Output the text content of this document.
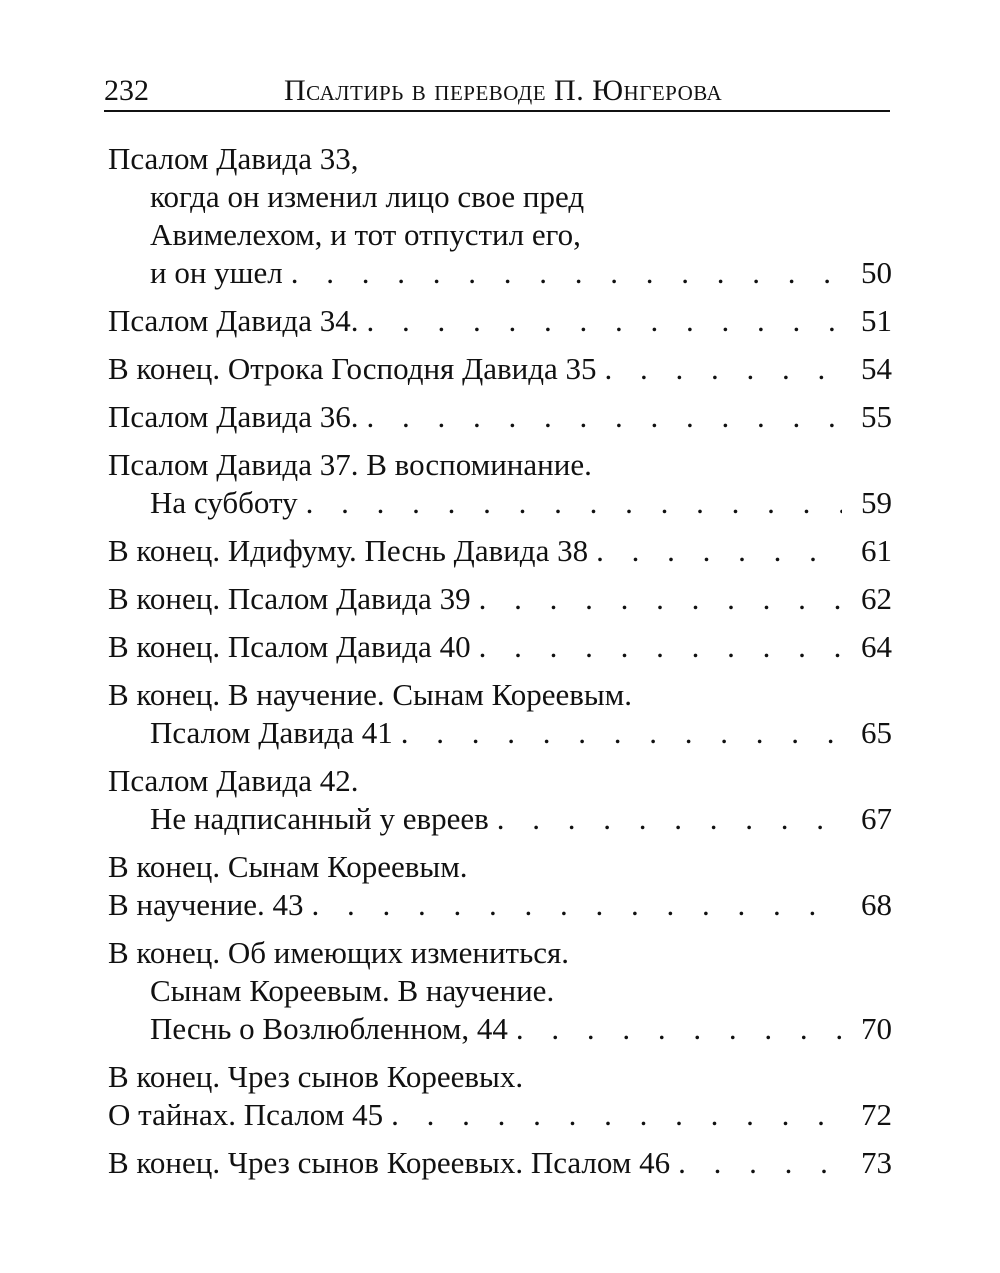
232	Псалтирь в переводе П. Юнгерова
Псалом Давида 33,
когда он изменил лицо свое пред
Авимелехом, и тот отпустил его,
и он ушел . . .	50
Псалом Давида 34. . . .	51
В конец. Отрока Господня Давида 35 . . .	54
Псалом Давида 36. . . .	55
Псалом Давида 37. В воспоминание.
На субботу . . .	59
В конец. Идифуму. Песнь Давида 38 . . .	61
В конец. Псалом Давида 39 . . .	62
В конец. Псалом Давида 40 . . .	64
В конец. В научение. Сынам Кореевым.
Псалом Давида 41 . . .	65
Псалом Давида 42.
Не надписанный у евреев . . .	67
В конец. Сынам Кореевым.
В научение. 43 . . .	68
В конец. Об имеющих измениться.
Сынам Кореевым. В научение.
Песнь о Возлюбленном, 44 . . .	70
В конец. Чрез сынов Кореевых.
О тайнах. Псалом 45 . . .	72
В конец. Чрез сынов Кореевых. Псалом 46 . . .	73
